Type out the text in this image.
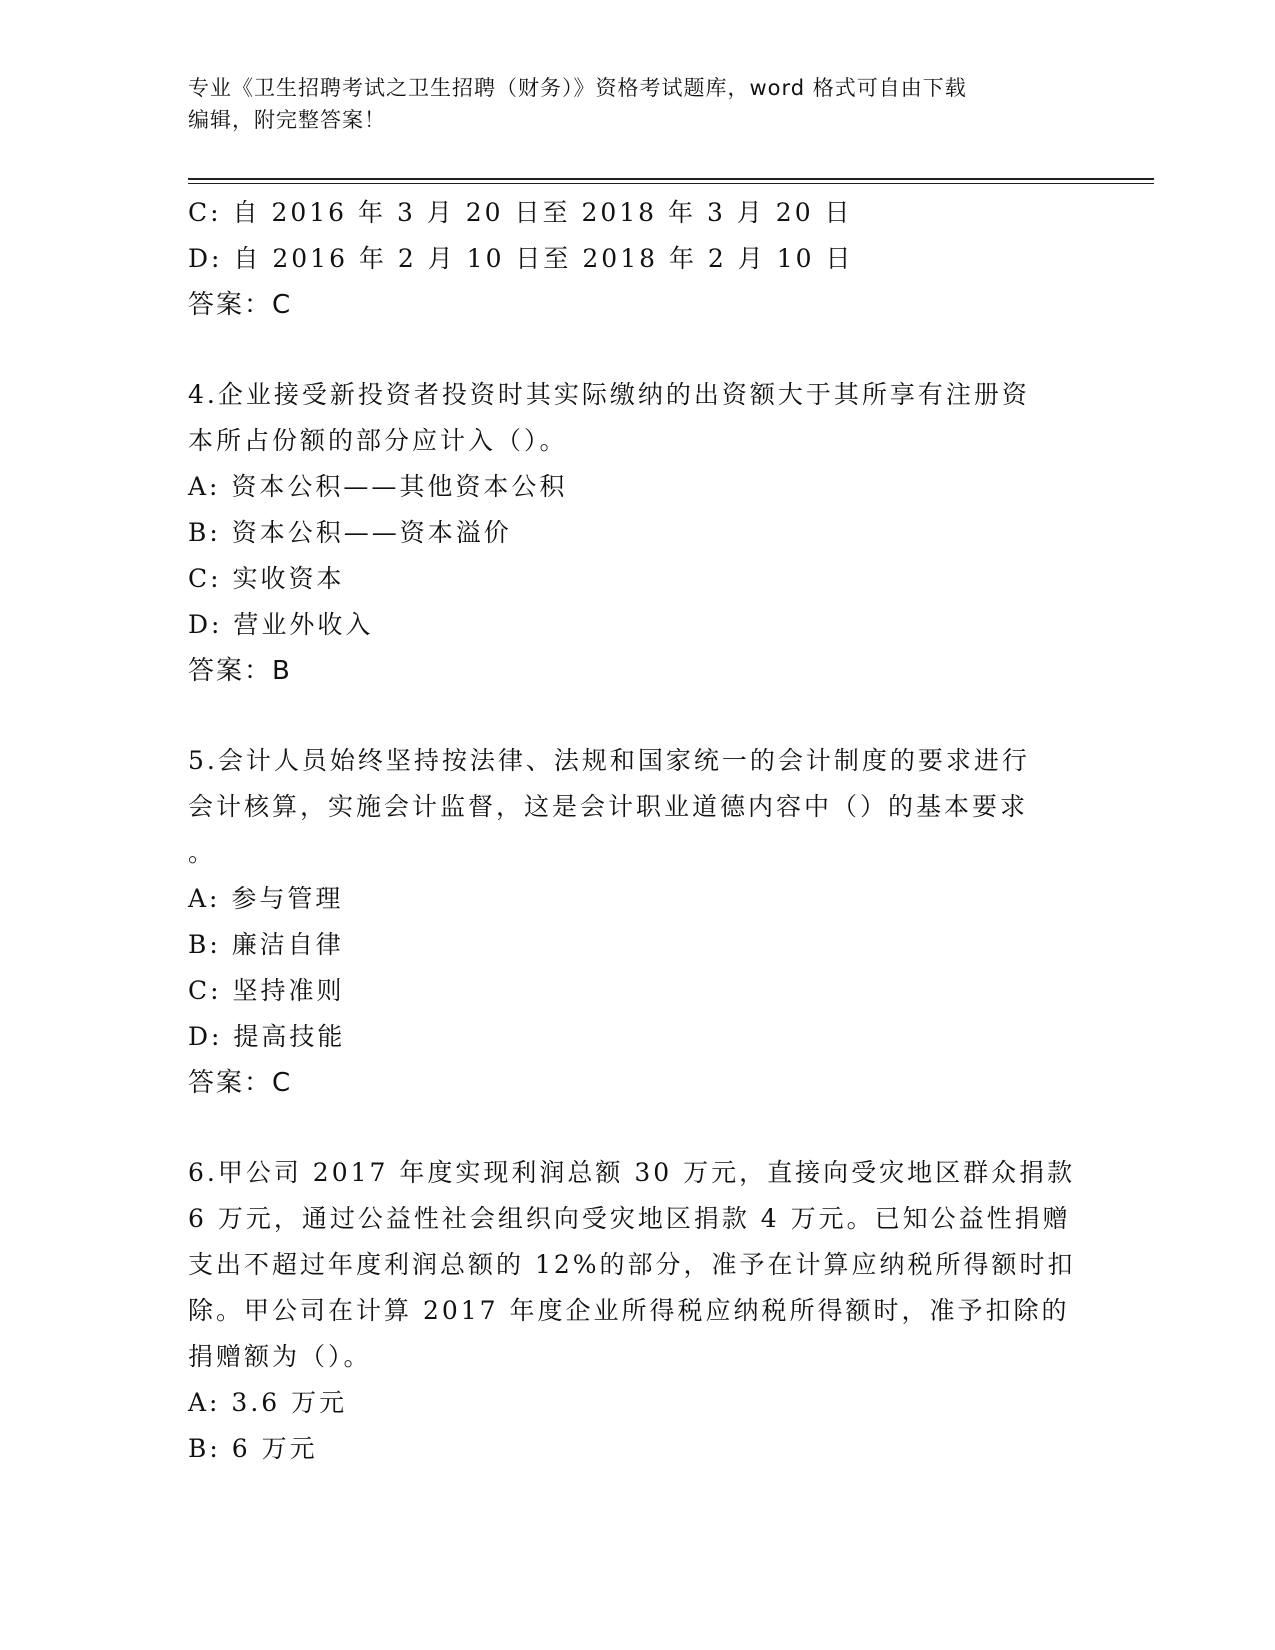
专业《卫生招聘考试之卫生招聘（财务）》资格考试题库，word 格式可自由下载
编辑，附完整答案！

C: 自 2016 年 3 月 20 日至 2018 年 3 月 20 日

D: 自 2016 年 2 月 10 日至 2018 年 2 月 10 日

答案：C

4.企业接受新投资者投资时其实际缴纳的出资额大于其所享有注册资

本所占份额的部分应计入（）。

A: 资本公积——其他资本公积

B: 资本公积——资本溢价

C: 实收资本

D: 营业外收入

答案：B

5.会计人员始终坚持按法律、法规和国家统一的会计制度的要求进行

会计核算，实施会计监督，这是会计职业道德内容中（）的基本要求

。

A: 参与管理

B: 廉洁自律

C: 坚持准则

D: 提高技能

答案：C

6.甲公司 2017 年度实现利润总额 30 万元，直接向受灾地区群众捐款

6 万元，通过公益性社会组织向受灾地区捐款 4 万元。已知公益性捐赠

支出不超过年度利润总额的 12%的部分，准予在计算应纳税所得额时扣

除。甲公司在计算 2017 年度企业所得税应纳税所得额时，准予扣除的

捐赠额为（）。

A: 3.6 万元

B: 6 万元
